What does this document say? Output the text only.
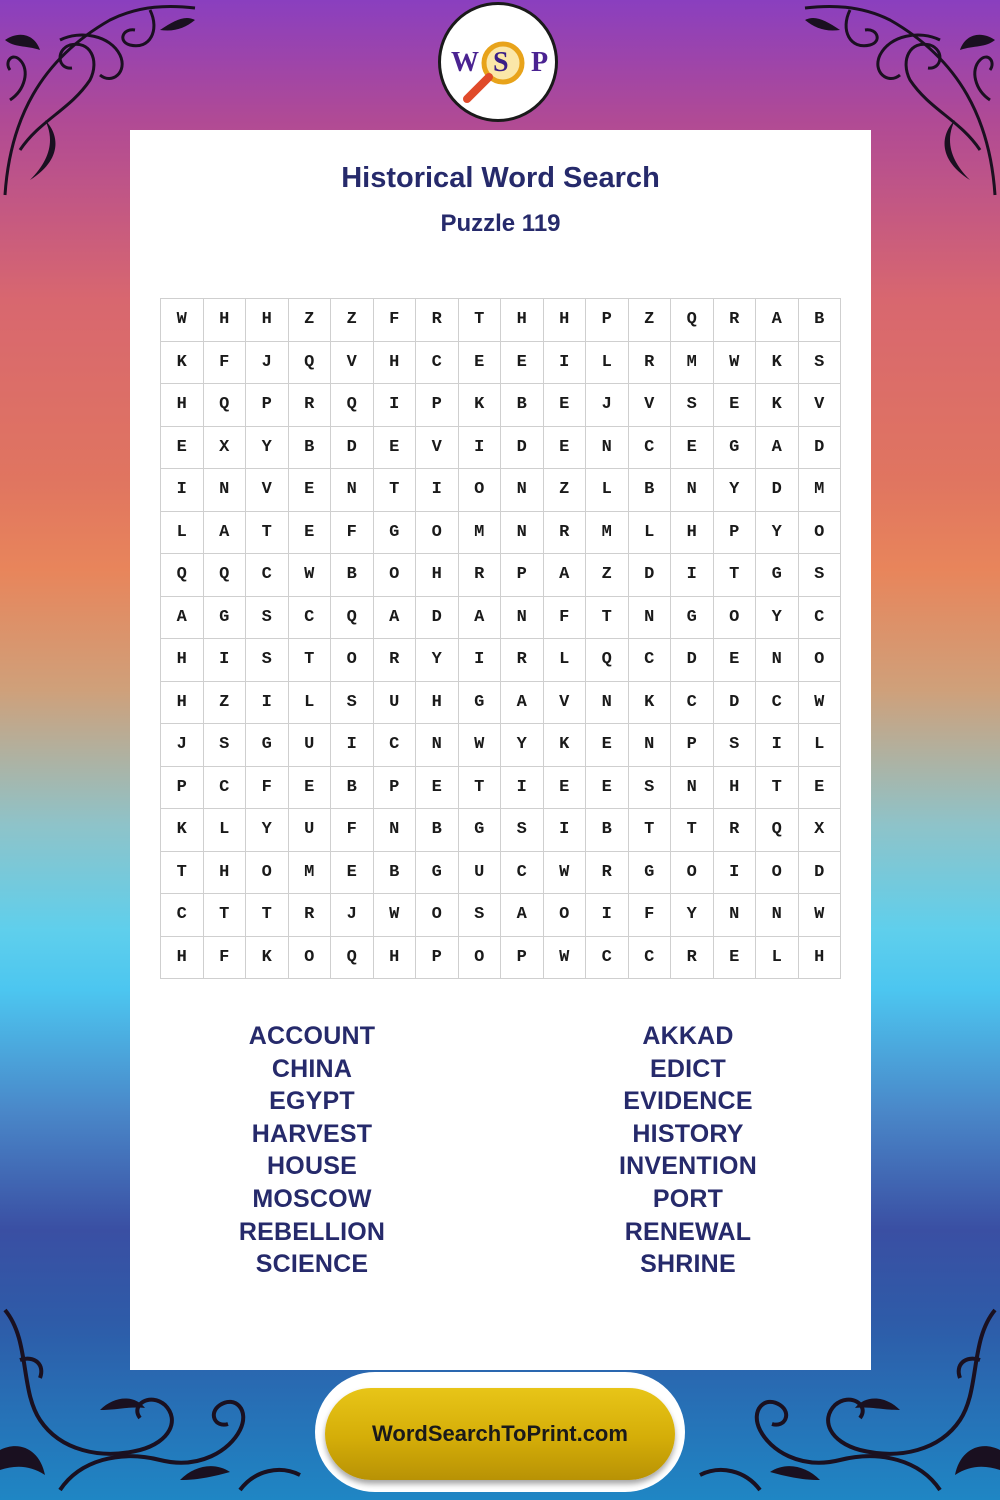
Historical Word Search
Puzzle 119
W	H	H	Z	Z	F	R	T	H	H	P	Z	Q	R	A	B
K	F	J	Q	V	H	C	E	E	I	L	R	M	W	K	S
H	Q	P	R	Q	I	P	K	B	E	J	V	S	E	K	V
E	X	Y	B	D	E	V	I	D	E	N	C	E	G	A	D
I	N	V	E	N	T	I	O	N	Z	L	B	N	Y	D	M
L	A	T	E	F	G	O	M	N	R	M	L	H	P	Y	O
Q	Q	C	W	B	O	H	R	P	A	Z	D	I	T	G	S
A	G	S	C	Q	A	D	A	N	F	T	N	G	O	Y	C
H	I	S	T	O	R	Y	I	R	L	Q	C	D	E	N	O
H	Z	I	L	S	U	H	G	A	V	N	K	C	D	C	W
J	S	G	U	I	C	N	W	Y	K	E	N	P	S	I	L
P	C	F	E	B	P	E	T	I	E	E	S	N	H	T	E
K	L	Y	U	F	N	B	G	S	I	B	T	T	R	Q	X
T	H	O	M	E	B	G	U	C	W	R	G	O	I	O	D
C	T	T	R	J	W	O	S	A	O	I	F	Y	N	N	W
H	F	K	O	Q	H	P	O	P	W	C	C	R	E	L	H
ACCOUNT
CHINA
EGYPT
HARVEST
HOUSE
MOSCOW
REBELLION
SCIENCE
AKKAD
EDICT
EVIDENCE
HISTORY
INVENTION
PORT
RENEWAL
SHRINE
W S P
WordSearchToPrint.com
